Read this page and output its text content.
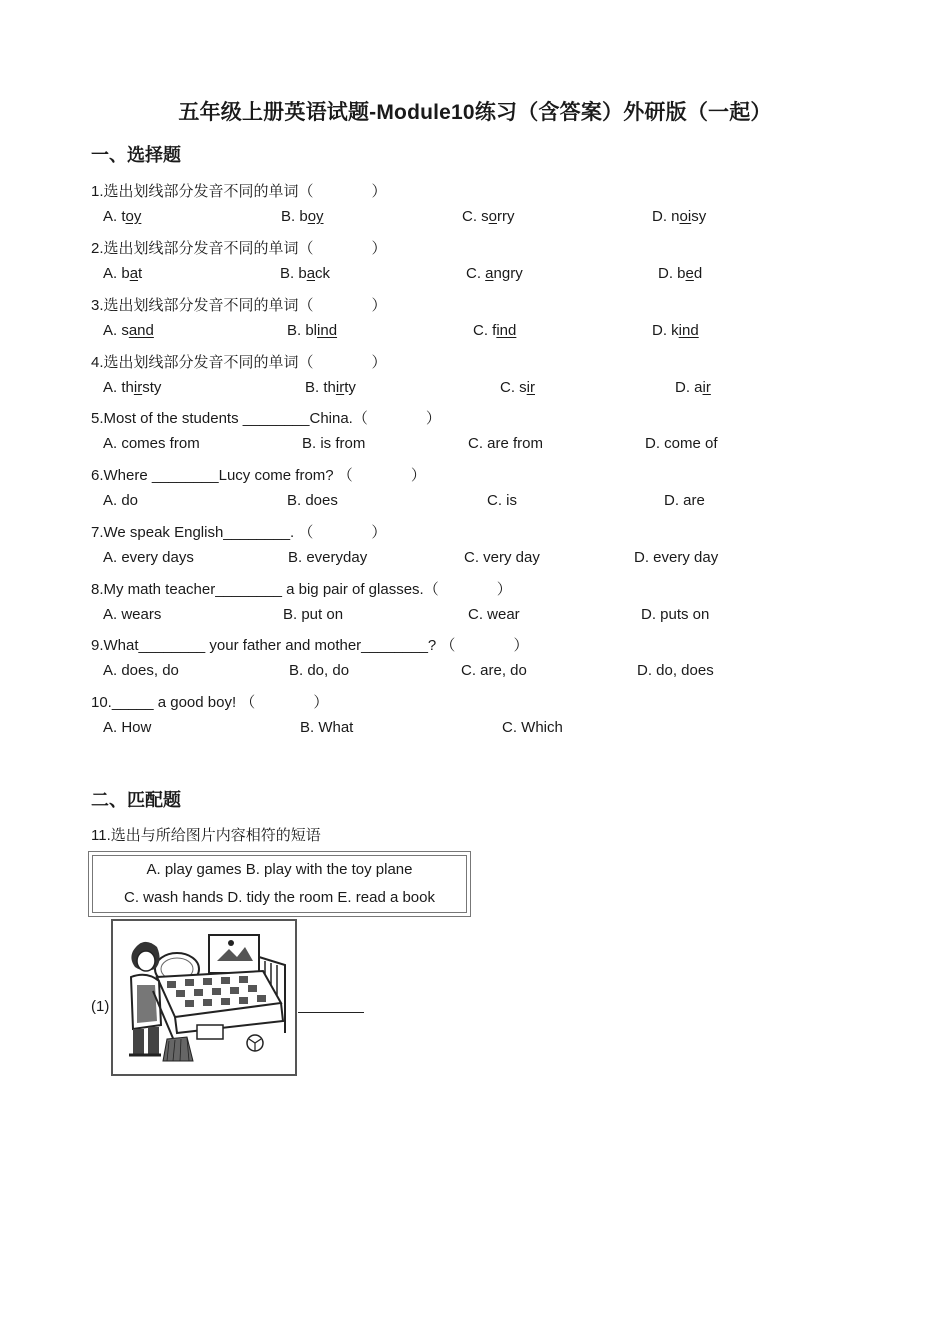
五年级上册英语试题-Module10练习（含答案）外研版（一起）
一、选择题
1.选出划线部分发音不同的单词（	）
A. toy	B. boy	C. sorry	D. noisy
2.选出划线部分发音不同的单词（	）
A. bat	B. back	C. angry	D. bed
3.选出划线部分发音不同的单词（	）
A. sand	B. blind	C. find	D. kind
4.选出划线部分发音不同的单词（	）
A. thirsty	B. thirty	C. sir	D. air
5.Most of the students ________China.（	）
A. comes from	B. is from	C. are from	D. come of
6.Where ________Lucy come from? （	）
A. do	B. does	C. is	D. are
7.We speak English________. （	）
A. every days	B. everyday	C. very day	D. every day
8.My math teacher________ a big pair of glasses.（	）
A. wears	B. put on	C. wear	D. puts on
9.What________ your father and mother________? （	）
A. does, do	B. do, do	C. are, do	D. do, does
10._____ a good boy! （	）
A. How	B. What	C. Which
二、匹配题
11.选出与所给图片内容相符的短语
A. play games B. play with the toy plane
C. wash hands D. tidy the room E. read a book
(1)
